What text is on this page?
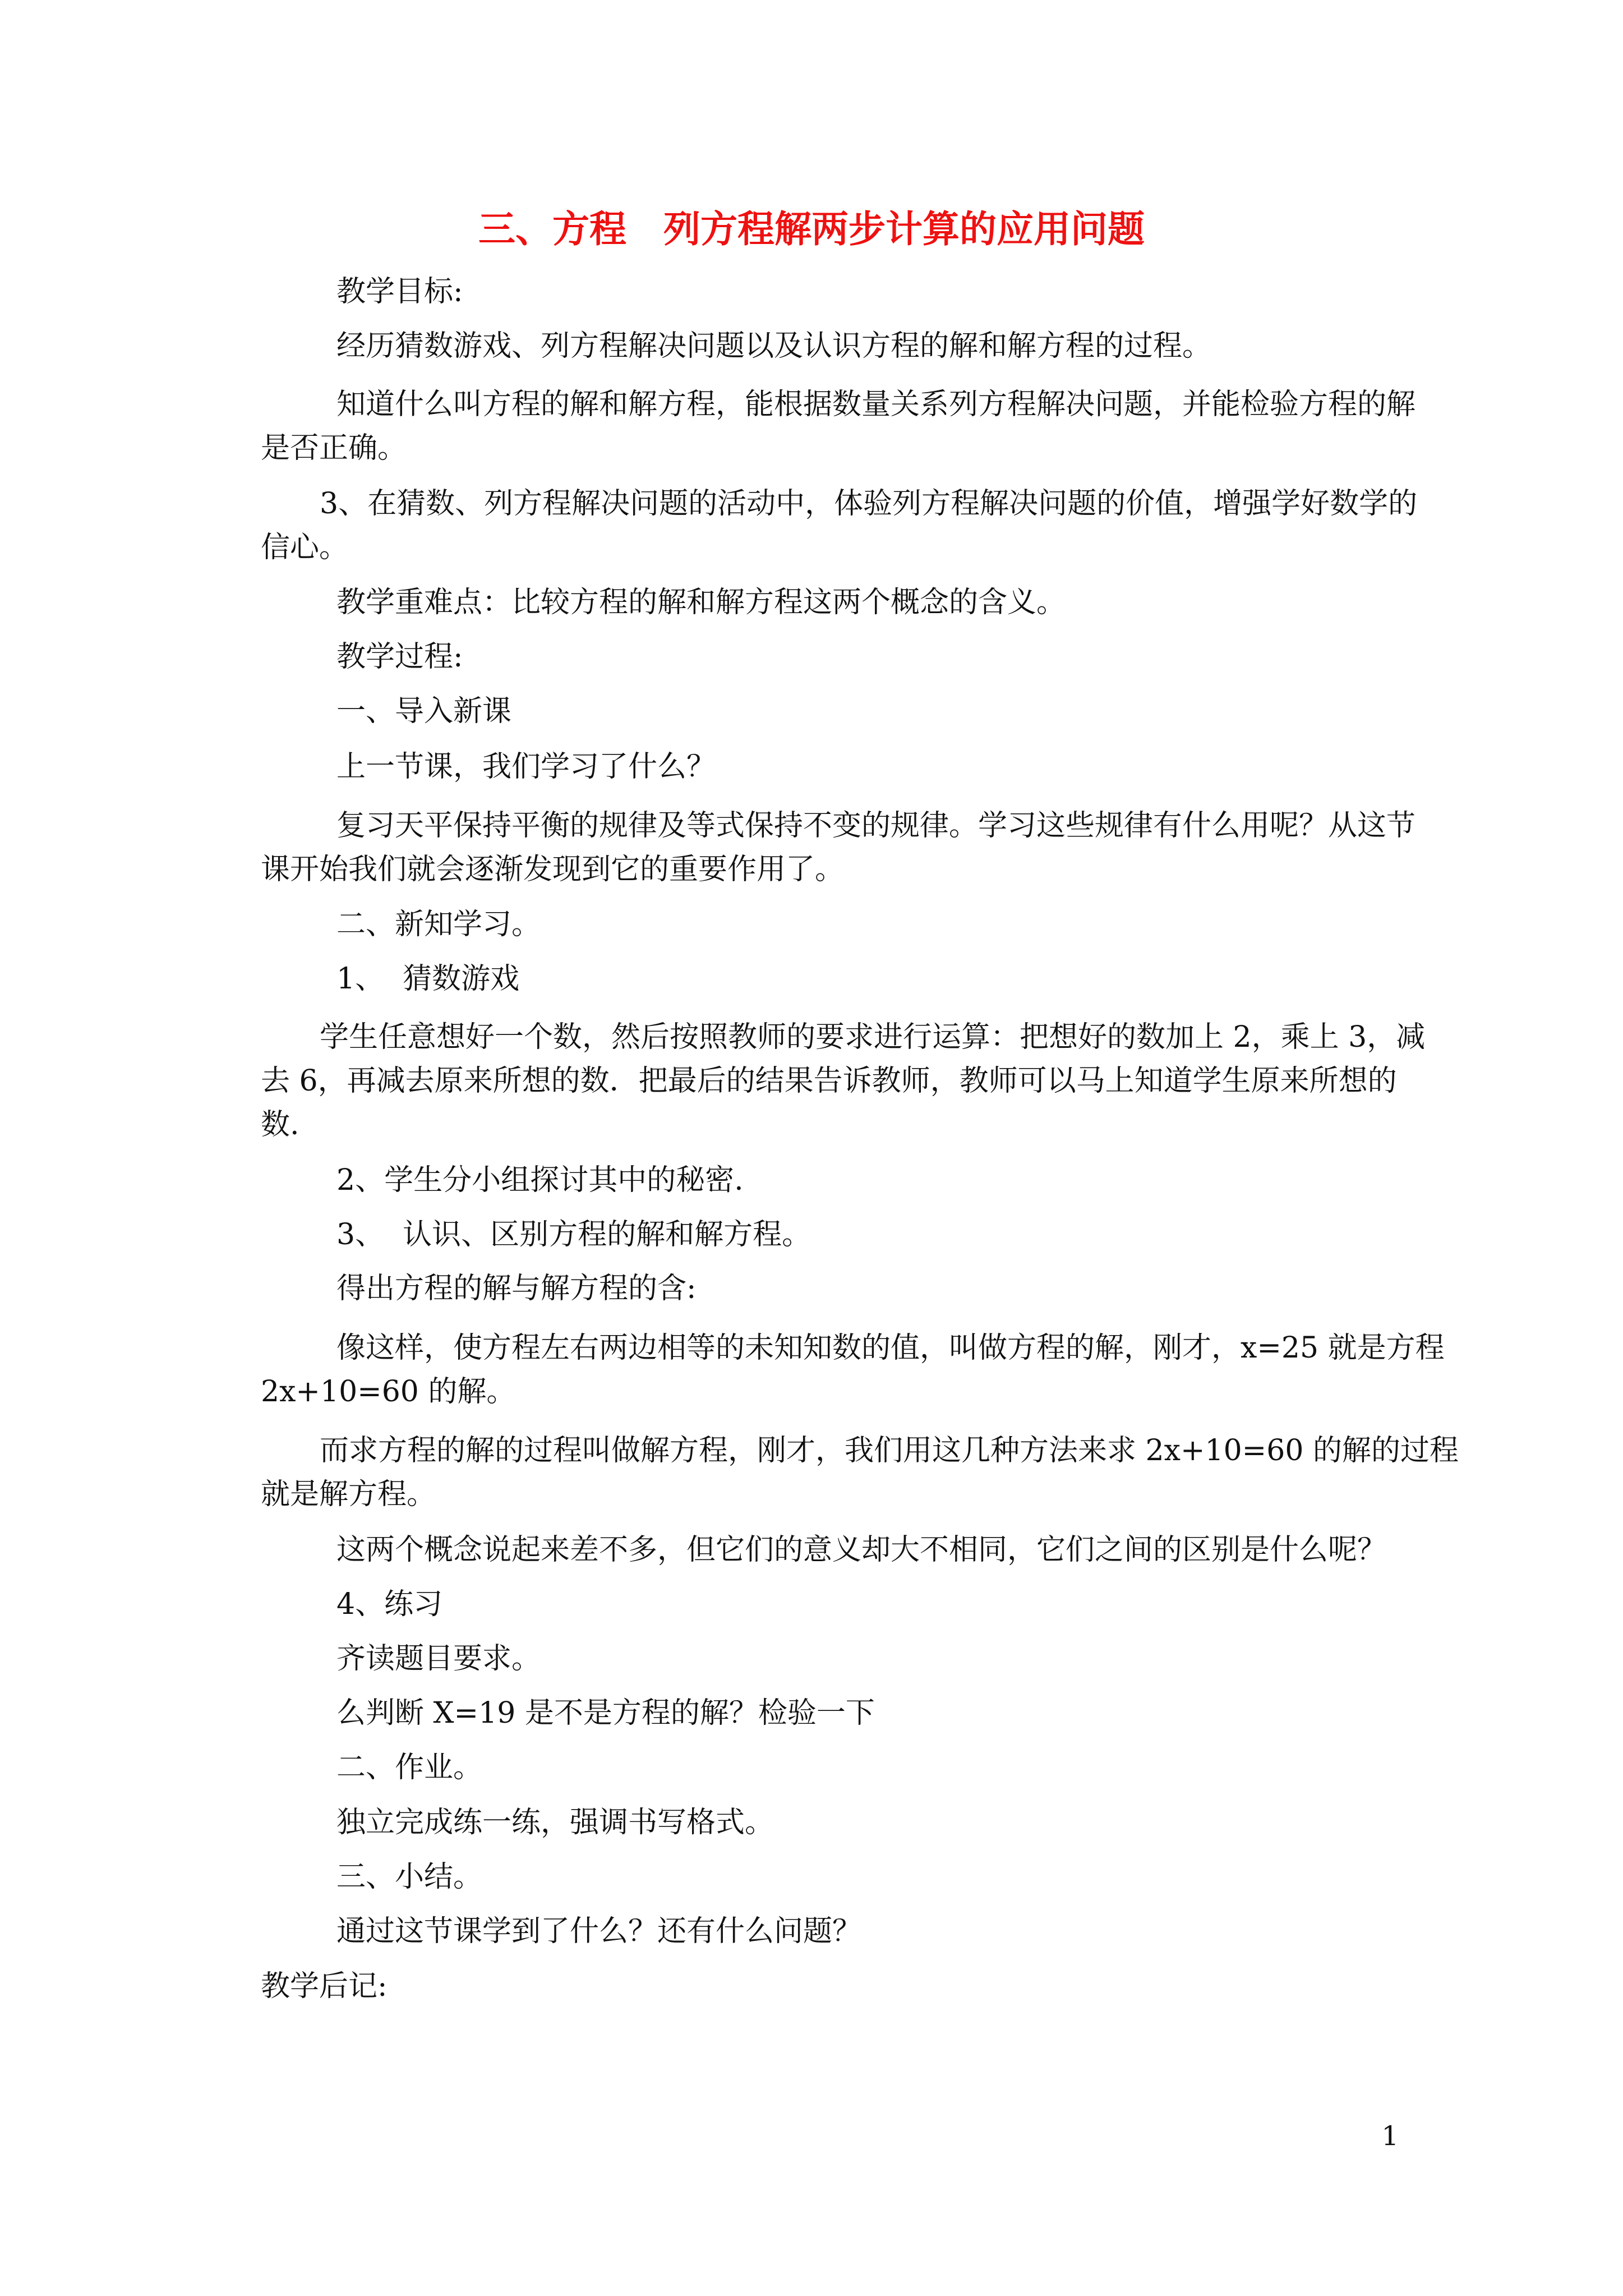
三、方程　列方程解两步计算的应用问题
教学目标:
经历猜数游戏、列方程解决问题以及认识方程的解和解方程的过程。
知道什么叫方程的解和解方程，能根据数量关系列方程解决问题，并能检验方程的解
是否正确。
3、在猜数、列方程解决问题的活动中，体验列方程解决问题的价值，增强学好数学的
信心。
教学重难点：比较方程的解和解方程这两个概念的含义。
教学过程:
一、导入新课
上一节课，我们学习了什么？
复习天平保持平衡的规律及等式保持不变的规律。学习这些规律有什么用呢？从这节
课开始我们就会逐渐发现到它的重要作用了。
二、新知学习。
1、  猜数游戏
学生任意想好一个数，然后按照教师的要求进行运算：把想好的数加上 2，乘上 3，减
去 6，再减去原来所想的数．把最后的结果告诉教师，教师可以马上知道学生原来所想的
数.
2、学生分小组探讨其中的秘密.
3、  认识、区别方程的解和解方程。
得出方程的解与解方程的含:
像这样，使方程左右两边相等的未知知数的值，叫做方程的解，刚才，x=25 就是方程
2x+10=60 的解。
而求方程的解的过程叫做解方程，刚才，我们用这几种方法来求 2x+10=60 的解的过程
就是解方程。
这两个概念说起来差不多，但它们的意义却大不相同，它们之间的区别是什么呢？
4、练习
齐读题目要求。
么判断 X=19 是不是方程的解？检验一下
二、作业。
独立完成练一练，强调书写格式。
三、小结。
通过这节课学到了什么？还有什么问题？
教学后记:
1
